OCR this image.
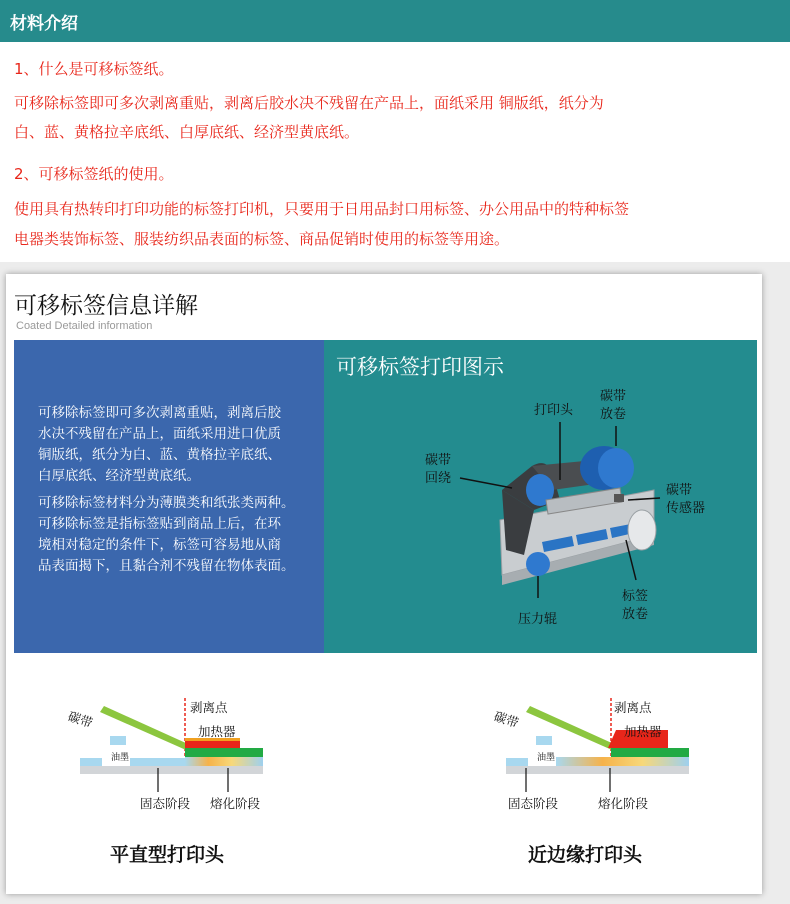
材料介绍
1、什么是可移标签纸。
可移除标签即可多次剥离重贴，剥离后胶水决不残留在产品上，面纸采用 铜版纸，纸分为
白、蓝、黄格拉辛底纸、白厚底纸、经济型黄底纸。
2、可移标签纸的使用。
使用具有热转印打印功能的标签打印机，只要用于日用品封口用标签、办公用品中的特种标签
电器类装饰标签、服装纺织品表面的标签、商品促销时使用的标签等用途。
可移标签信息详解
Coated Detailed information
可移除标签即可多次剥离重贴，剥离后胶
水决不残留在产品上，面纸采用进口优质
铜版纸，纸分为白、蓝、黄格拉辛底纸、
白厚底纸、经济型黄底纸。
可移除标签材料分为薄膜类和纸张类两种。
可移除标签是指标签贴到商品上后，在环
境相对稳定的条件下，标签可容易地从商
品表面揭下，且黏合剂不残留在物体表面。
可移标签打印图示
打印头
碳带
放卷
碳带
回绕
碳带
传感器
标签
放卷
压力辊
碳带
油墨
剥离点
加热器
固态阶段 熔化阶段
平直型打印头
碳带
油墨
剥离点
加热器
固态阶段	熔化阶段
近边缘打印头
